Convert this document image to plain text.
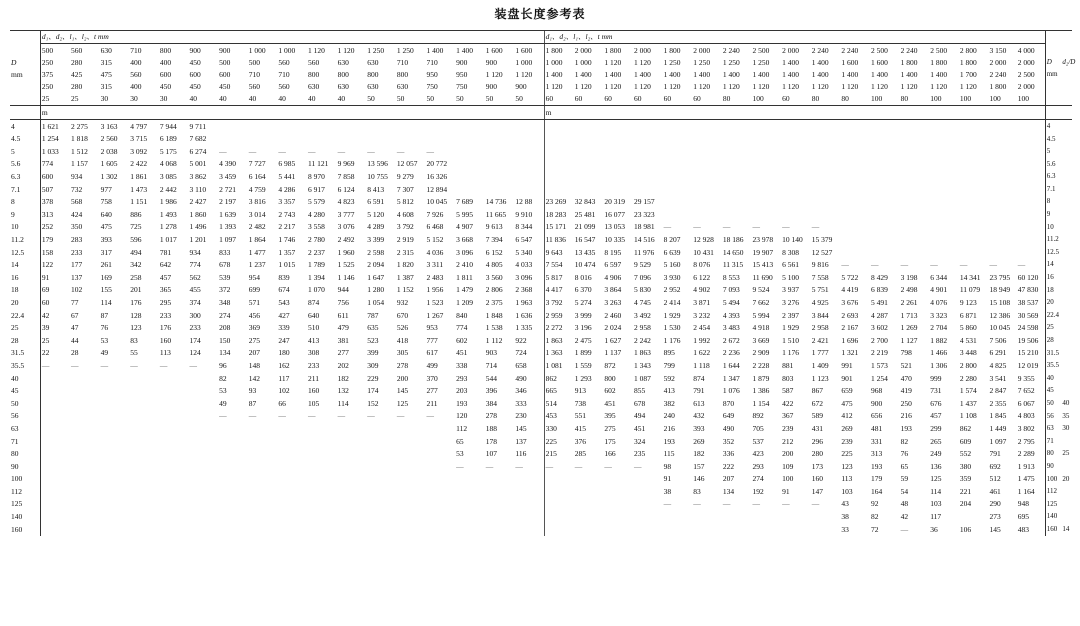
装盘长度参考表
	d₁、d₂、l₁、l₂、t mm																	d₁、d₂、l₁、l₂、t mm																		
	500	560	630	710	800	900	900	1 000	1 000	1 120	1 120	1 250	1 250	1 400	1 400	1 600	1 600	1 800	2 000	1 800	2 000	1 800	2 000	2 240	2 500	2 000	2 240	2 240	2 500	2 240	2 500	2 800	3 150	4 000		
D	250	280	315	400	400	450	500	500	560	560	630	630	710	710	900	900	1 000	1 000	1 000	1 120	1 120	1 250	1 250	1 250	1 250	1 400	1 400	1 600	1 600	1 800	1 800	1 800	2 000	2 000	D	d₂/D
mm	375	425	475	560	600	600	600	710	710	800	800	800	800	950	950	1 120	1 120	1 400	1 400	1 400	1 400	1 400	1 400	1 400	1 400	1 400	1 400	1 400	1 400	1 400	1 400	1 700	2 240	2 500	mm	
	250	280	315	400	450	450	450	560	560	630	630	630	630	750	750	900	900	1 120	1 120	1 120	1 120	1 120	1 120	1 120	1 120	1 120	1 120	1 120	1 120	1 120	1 120	1 120	1 800	2 000		
	25	25	30	30	30	40	40	40	40	40	40	50	50	50	50	50	50	60	60	60	60	60	60	80	100	60	80	80	100	80	100	100	100	100		
	m																	m																		
4	1 621	2 275	3 163	4 797	7 944	9 711																													4	
4.5	1 254	1 818	2 560	3 715	6 189	7 682																													4.5	
5	1 033	1 512	2 038	3 092	5 175	6 274	—	—	—	—	—	—	—	—																					5	
5.6	774	1 157	1 605	2 422	4 068	5 001	4 390	7 727	6 985	11 121	9 969	13 596	12 057	20 772																					5.6	
6.3	600	934	1 302	1 861	3 085	3 862	3 459	6 164	5 441	8 970	7 858	10 755	9 279	16 326																					6.3	
7.1	507	732	977	1 473	2 442	3 110	2 721	4 759	4 286	6 917	6 124	8 413	7 307	12 894																					7.1	
8	378	568	758	1 151	1 986	2 427	2 197	3 816	3 357	5 579	4 823	6 591	5 812	10 045	7 689	14 736	12 88	23 269	32 843	20 319	29 157														8	
9	313	424	640	886	1 493	1 860	1 639	3 014	2 743	4 280	3 777	5 120	4 608	7 926	5 995	11 665	9 910	18 283	25 481	16 077	23 323														9	
10	252	350	475	725	1 278	1 496	1 393	2 482	2 217	3 558	3 076	4 289	3 792	6 468	4 907	9 613	8 344	15 171	21 099	13 053	18 981	—	—	—	—	—	—								10	
11.2	179	283	393	596	1 017	1 201	1 097	1 864	1 746	2 780	2 492	3 399	2 919	5 152	3 668	7 394	6 547	11 836	16 547	10 335	14 516	8 207	12 928	18 186	23 978	10 140	15 379								11.2	
12.5	158	233	317	494	781	934	833	1 477	1 357	2 237	1 960	2 598	2 315	4 036	3 096	6 152	5 340	9 643	13 435	8 195	11 976	6 639	10 431	14 650	19 907	8 308	12 527								12.5	
14	122	177	261	342	642	774	678	1 237	1 015	1 789	1 525	2 094	1 820	3 311	2 410	4 805	4 033	7 554	10 474	6 597	9 529	5 160	8 076	11 315	15 413	6 561	9 816	—	—	—	—	—	—	—	14	
16	91	137	169	258	457	562	539	954	839	1 394	1 146	1 647	1 387	2 483	1 811	3 560	3 096	5 817	8 016	4 906	7 096	3 930	6 122	8 553	11 690	5 100	7 558	5 722	8 429	3 198	6 344	14 341	23 795	60 120	16	
18	69	102	155	201	365	455	372	699	674	1 070	944	1 280	1 152	1 956	1 479	2 806	2 368	4 417	6 370	3 864	5 830	2 952	4 902	7 093	9 524	3 937	5 751	4 419	6 839	2 498	4 901	11 079	18 949	47 830	18	
20	60	77	114	176	295	374	348	571	543	874	756	1 054	932	1 523	1 209	2 375	1 963	3 792	5 274	3 263	4 745	2 414	3 871	5 494	7 662	3 276	4 925	3 676	5 491	2 261	4 076	9 123	15 108	38 537	20	
22.4	42	67	87	128	233	300	274	456	427	640	611	787	670	1 267	840	1 848	1 636	2 959	3 999	2 460	3 492	1 929	3 232	4 393	5 994	2 397	3 844	2 693	4 287	1 713	3 323	6 871	12 386	30 569	22.4	
25	39	47	76	123	176	233	208	369	339	510	479	635	526	953	774	1 538	1 335	2 272	3 196	2 024	2 958	1 530	2 454	3 483	4 918	1 929	2 958	2 167	3 602	1 269	2 704	5 860	10 045	24 598	25	
28	25	44	53	83	160	174	150	275	247	413	381	523	418	777	602	1 112	922	1 863	2 475	1 627	2 242	1 176	1 992	2 672	3 669	1 510	2 421	1 696	2 700	1 127	1 882	4 531	7 506	19 506	28	
31.5	22	28	49	55	113	124	134	207	180	308	277	399	305	617	451	903	724	1 363	1 899	1 137	1 863	895	1 622	2 236	2 909	1 176	1 777	1 321	2 219	798	1 466	3 448	6 291	15 210	31.5	
35.5	—	—	—	—	—	—	96	148	162	233	202	309	278	499	338	714	658	1 081	1 559	872	1 343	799	1 118	1 644	2 228	881	1 409	991	1 573	521	1 306	2 800	4 825	12 019	35.5	
40							82	142	117	211	182	229	200	370	293	544	490	862	1 293	800	1 087	592	874	1 347	1 879	803	1 123	901	1 254	470	999	2 280	3 541	9 355	40	
45							53	93	102	160	132	174	145	277	203	396	346	665	913	602	855	413	791	1 076	1 386	587	867	659	968	419	731	1 574	2 847	7 652	45	
50							49	87	66	105	114	152	125	211	193	384	333	514	738	451	678	382	613	870	1 154	422	672	475	900	250	676	1 437	2 355	6 067	50	40
56							—	—	—	—	—	—	—	—	120	278	230	453	551	395	494	240	432	649	892	367	589	412	656	216	457	1 108	1 845	4 803	56	35
63															112	188	145	330	415	275	451	216	393	490	705	239	431	269	481	193	299	862	1 449	3 802	63	30
71															65	178	137	225	376	175	324	193	269	352	537	212	296	239	331	82	265	609	1 097	2 795	71	
80															53	107	116	215	285	166	235	115	182	336	423	200	280	225	313	76	249	552	791	2 289	80	25
90															—	—	—	—	—	—	—	98	157	222	293	109	173	123	193	65	136	380	692	1 913	90	
100																						91	146	207	274	100	160	113	179	59	125	359	512	1 475	100	20
112																						38	83	134	192	91	147	103	164	54	114	221	461	1 164	112	
125																						—	—	—	—	—	—	43	92	48	103	204	290	948	125	
140																												38	82	42	117		273	695	140	
160																												33	72	—	36	106	145	483	160	14
